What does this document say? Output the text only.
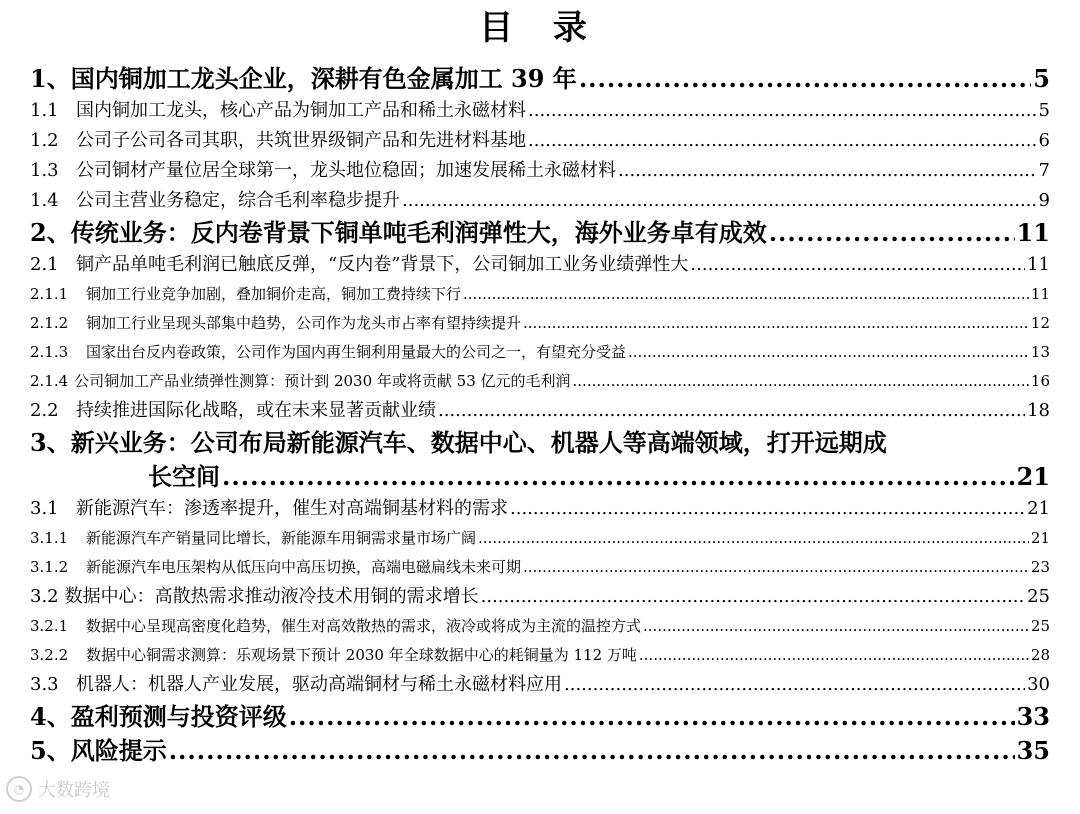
目 录
1、国内铜加工龙头企业，深耕有色金属加工 39 年 .....	5
1.1 国内铜加工龙头，核心产品为铜加工产品和稀土永磁材料 .....	5
1.2 公司子公司各司其职，共筑世界级铜产品和先进材料基地 .....	6
1.3 公司铜材产量位居全球第一，龙头地位稳固；加速发展稀土永磁材料 .....	7
1.4 公司主营业务稳定，综合毛利率稳步提升 .....	9
2、传统业务：反内卷背景下铜单吨毛利润弹性大，海外业务卓有成效 .....	11
2.1 铜产品单吨毛利润已触底反弹，“反内卷”背景下，公司铜加工业务业绩弹性大 .....	11
2.1.1 铜加工行业竞争加剧，叠加铜价走高，铜加工费持续下行 .....	11
2.1.2 铜加工行业呈现头部集中趋势，公司作为龙头市占率有望持续提升 .....	12
2.1.3 国家出台反内卷政策，公司作为国内再生铜利用量最大的公司之一，有望充分受益 .....	13
2.1.4 公司铜加工产品业绩弹性测算：预计到 2030 年或将贡献 53 亿元的毛利润 .....	16
2.2 持续推进国际化战略，或在未来显著贡献业绩 .....	18
3、新兴业务：公司布局新能源汽车、数据中心、机器人等高端领域，打开远期成
长空间 .....	21
3.1 新能源汽车：渗透率提升，催生对高端铜基材料的需求 .....	21
3.1.1 新能源汽车产销量同比增长，新能源车用铜需求量市场广阔 .....	21
3.1.2 新能源汽车电压架构从低压向中高压切换，高端电磁扁线未来可期 .....	23
3.2 数据中心：高散热需求推动液冷技术用铜的需求增长 .....	25
3.2.1 数据中心呈现高密度化趋势，催生对高效散热的需求，液冷或将成为主流的温控方式 .....	25
3.2.2 数据中心铜需求测算：乐观场景下预计 2030 年全球数据中心的耗铜量为 112 万吨 .....	28
3.3 机器人：机器人产业发展，驱动高端铜材与稀土永磁材料应用 .....	30
4、盈利预测与投资评级 .....	33
5、风险提示 .....	35
◔ 大数跨境
